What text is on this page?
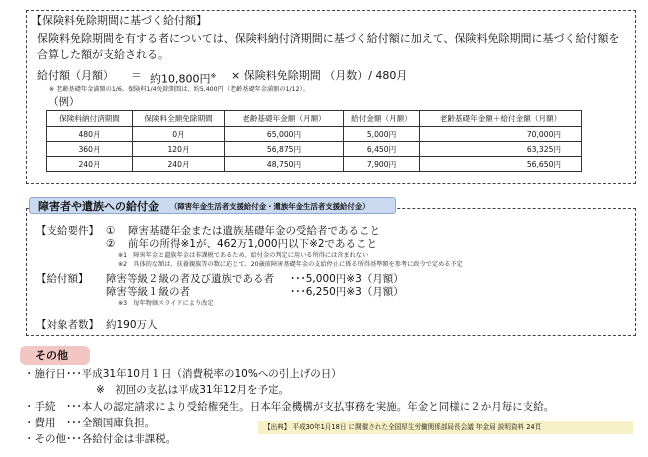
【保険料免除期間に基づく給付額】
保険料免除期間を有する者については、保険料納付済期間に基づく給付額に加えて、保険料免除期間に基づく給付額を
合算した額が支給される。
給付額（月額） ＝ 約10,800円※ × 保険料免除期間 （月数）/ 480月
※ 老齢基礎年金満額の1/6。保険料1/4免除期間は、約5,400円（老齢基礎年金満額の1/12）。
（例）
保険料納付済期間	保険料全額免除期間	老齢基礎年金額（月額）	給付金額（月額）	老齢基礎年金額＋給付金額（月額）
480月	0月	65,000円	5,000円	70,000円
360月	120月	56,875円	6,450円	63,325円
240月	240月	48,750円	7,900円	56,650円
障害者や遺族への給付金 （障害年金生活者支援給付金・遺族年金生活者支援給付金）
【支給要件】 ① 障害基礎年金または遺族基礎年金の受給者であること
② 前年の所得※1が、462万1,000円以下※2であること
※1　障害年金と遺族年金は非課税であるため、給付金の判定に用いる所得には含まれない
※2　具体的な額は、扶養親族等の数に応じて、20歳前障害基礎年金の支給停止に係る所得基準額を参考に政令で定める予定
【給付額】 障害等級２級の者及び遺族である者 ･･･5,000円※3（月額）
障害等級１級の者	･･･6,250円※3（月額）
※3　毎年物価スライドにより改定
【対象者数】 約190万人
その他
・施行日･･･平成31年10月１日（消費税率の10%への引上げの日）
※　初回の支払は平成31年12月を予定。
・手続　･･･本人の認定請求により受給権発生。日本年金機構が支払事務を実施。年金と同様に２か月毎に支給。
・費用　･･･全額国庫負担。
・その他･･･各給付金は非課税。
【出典】 平成30年1月18日 に開催された全国厚生労働関係部局長会議 年金局 説明資料 24頁
